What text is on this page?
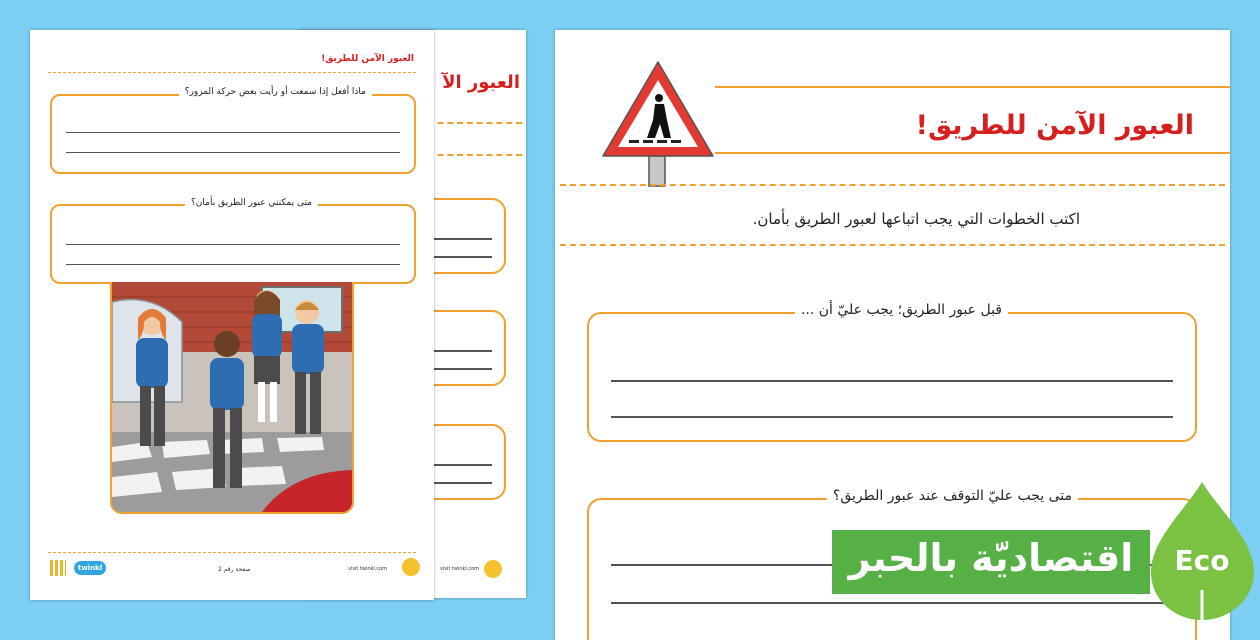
العبور الآمن للطريق!
اكتب الخطوات التي يجب اتباعها لعبور الطريق بأمان.
قبل عبور الطريق؛ يجب عليّ أن ...
متى يجب عليّ التوقف عند عبور الطريق؟
العبور الآ
العبور الآمن للطريق!
ماذا أفعل إذا سمعت أو رأيت بعض حركة المرور؟
متى يمكنني عبور الطريق بأمان؟
twinkl	صفحة رقم 2	visit twinkl.com	visit twinkl.com	اقتصاديّة بالحبر	Eco
